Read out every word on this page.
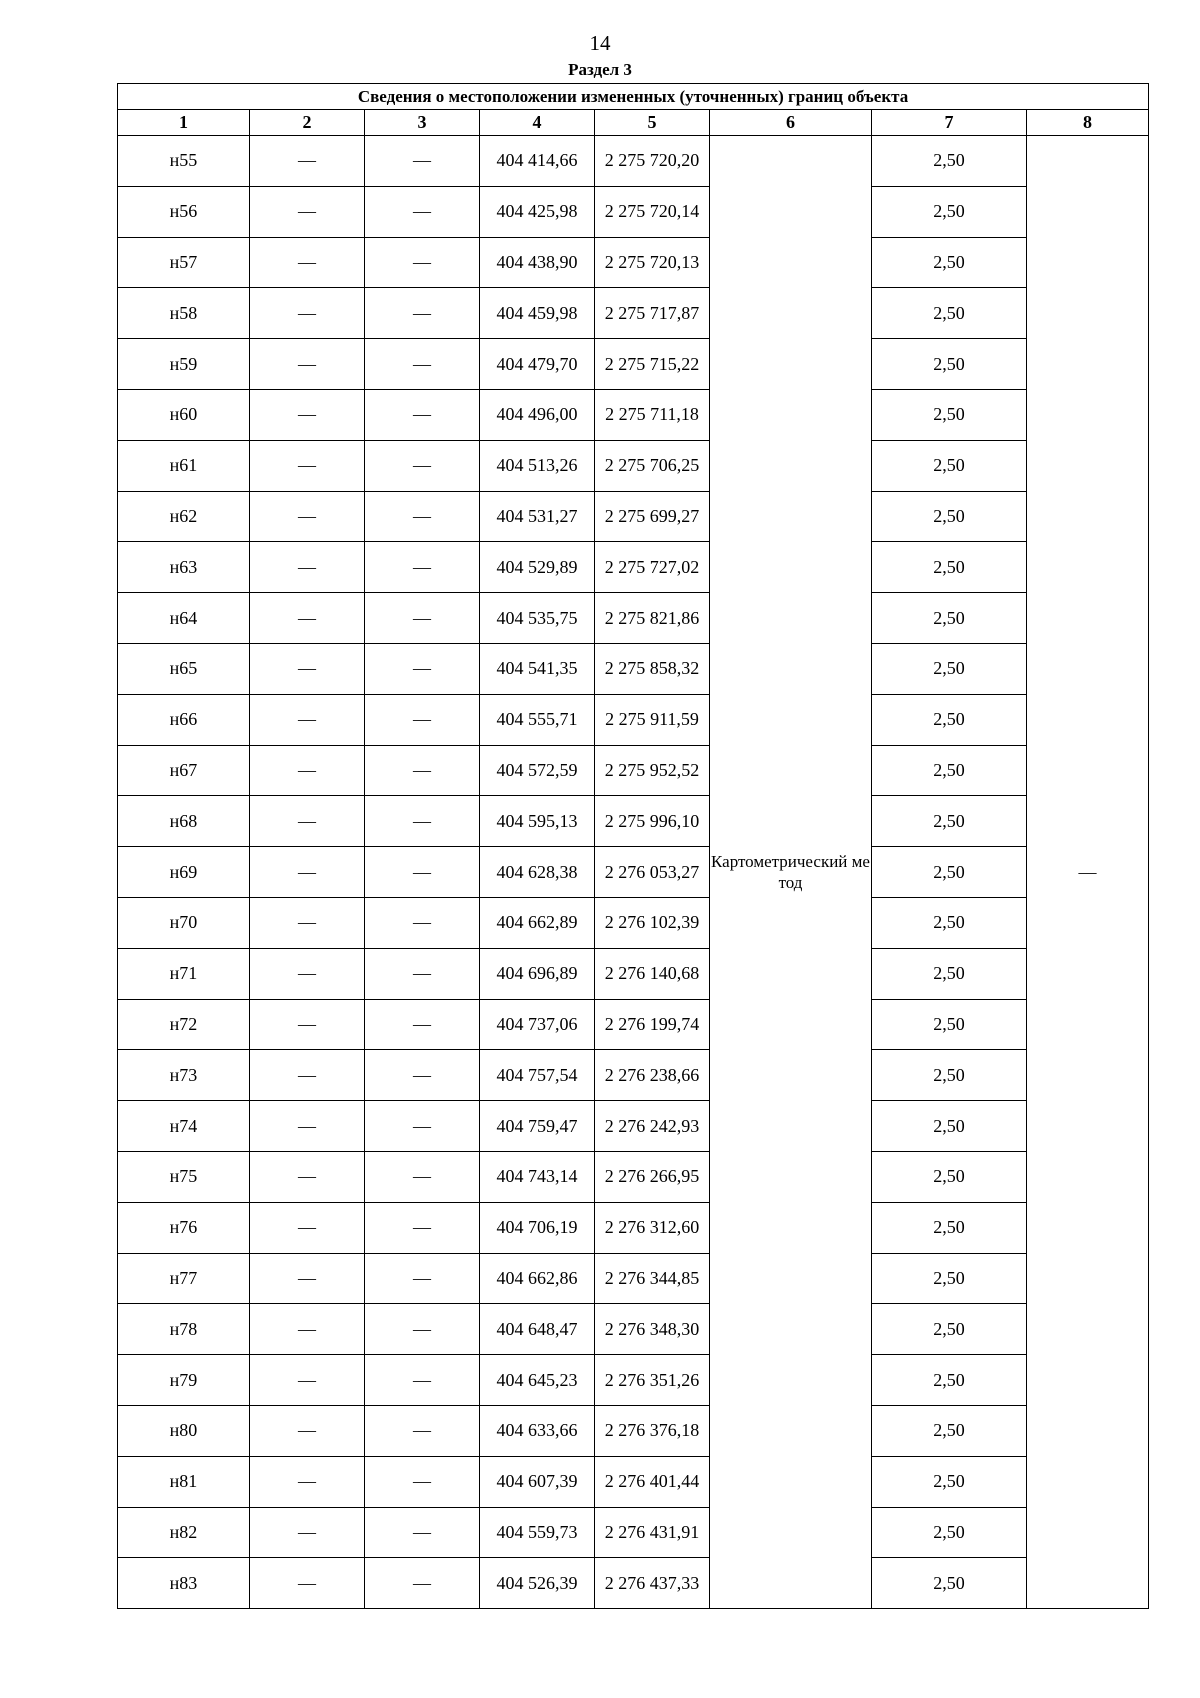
14
Раздел 3
Сведения о местоположении измененных (уточненных) границ объекта							
1	2	3	4	5	6	7	8
н55	—	—	404 414,66	2 275 720,20	Картометрический метод	2,50	—
н56	—	—	404 425,98	2 275 720,14		2,50	
н57	—	—	404 438,90	2 275 720,13		2,50	
н58	—	—	404 459,98	2 275 717,87		2,50	
н59	—	—	404 479,70	2 275 715,22		2,50	
н60	—	—	404 496,00	2 275 711,18		2,50	
н61	—	—	404 513,26	2 275 706,25		2,50	
н62	—	—	404 531,27	2 275 699,27		2,50	
н63	—	—	404 529,89	2 275 727,02		2,50	
н64	—	—	404 535,75	2 275 821,86		2,50	
н65	—	—	404 541,35	2 275 858,32		2,50	
н66	—	—	404 555,71	2 275 911,59		2,50	
н67	—	—	404 572,59	2 275 952,52		2,50	
н68	—	—	404 595,13	2 275 996,10		2,50	
н69	—	—	404 628,38	2 276 053,27		2,50	
н70	—	—	404 662,89	2 276 102,39		2,50	
н71	—	—	404 696,89	2 276 140,68		2,50	
н72	—	—	404 737,06	2 276 199,74		2,50	
н73	—	—	404 757,54	2 276 238,66		2,50	
н74	—	—	404 759,47	2 276 242,93		2,50	
н75	—	—	404 743,14	2 276 266,95		2,50	
н76	—	—	404 706,19	2 276 312,60		2,50	
н77	—	—	404 662,86	2 276 344,85		2,50	
н78	—	—	404 648,47	2 276 348,30		2,50	
н79	—	—	404 645,23	2 276 351,26		2,50	
н80	—	—	404 633,66	2 276 376,18		2,50	
н81	—	—	404 607,39	2 276 401,44		2,50	
н82	—	—	404 559,73	2 276 431,91		2,50	
н83	—	—	404 526,39	2 276 437,33		2,50	
